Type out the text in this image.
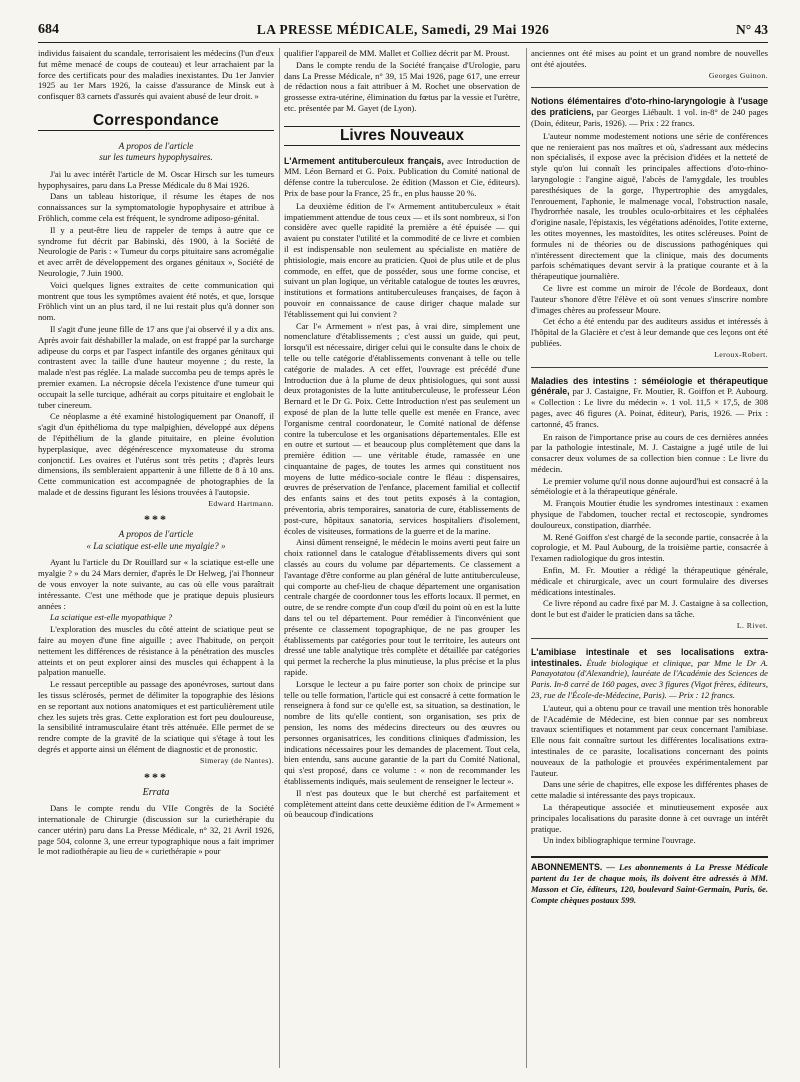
684	LA PRESSE MÉDICALE, Samedi, 29 Mai 1926	N° 43

individus faisaient du scandale, terrorisaient les médecins (l'un d'eux fut même menacé de coups de couteau) et leur arrachaient par la force des certificats pour des maladies inexistantes. Du 1er Janvier 1925 au 1er Mars 1926, la caisse d'assurance de Minsk eut à confisquer 83 carnets d'assurés qui avaient abusé de leur droit. »

Correspondance
A propos de l'article
sur les tumeurs hypophysaires.

J'ai lu avec intérêt l'article de M. Oscar Hirsch sur les tumeurs hypophysaires, paru dans La Presse Médicale du 8 Mai 1926.

Dans un tableau historique, il résume les étapes de nos connaissances sur la symptomatologie hypophysaire et attribue à Fröhlich, comme cela est fréquent, le syndrome adiposo-génital.

Il y a peut-être lieu de rappeler de temps à autre que ce syndrome fut décrit par Babinski, dès 1900, à la Société de Neurologie de Paris : « Tumeur du corps pituitaire sans acromégalie et avec arrêt de développement des organes génitaux », Société de Neurologie, 7 Juin 1900.

Voici quelques lignes extraites de cette communication qui montrent que tous les symptômes avaient été notés, et que, lorsque Fröhlich vint un an plus tard, il ne lui restait plus qu'à donner son nom.

Il s'agit d'une jeune fille de 17 ans que j'ai observé il y a dix ans. Après avoir fait déshabiller la malade, on est frappé par la surcharge adipeuse du corps et par l'aspect infantile des organes génitaux qui contrastent avec la taille d'une hauteur moyenne ; du reste, la malade n'est pas réglée. La malade succomba peu de temps après le premier examen. La nécropsie décela l'existence d'une tumeur qui occupait la selle turcique, adhérait au corps pituitaire et englobait le tuber cinereum.

Ce néoplasme a été examiné histologiquement par Onanoff, il s'agit d'un épithélioma du type malpighien, développé aux dépens de l'épithélium de la glande pituitaire, en pleine évolution hyperplasique, avec dégénérescence myxomateuse du stroma conjonctif. Les ovaires et l'utérus sont très petits ; d'après leurs dimensions, ils sembleraient appartenir à une fillette de 8 à 10 ans. Cette communication est accompagnée de photographies de la malade et de dessins figurant les lésions trouvées à l'autopsie.

Edward Hartmann.
***
A propos de l'article
« La sciatique est-elle une myalgie? »

Ayant lu l'article du Dr Rouillard sur « la sciatique est-elle une myalgie ? » du 24 Mars dernier, d'après le Dr Helweg, j'ai l'honneur de vous envoyer la note suivante, au cas où elle vous paraîtrait intéressante. C'est une méthode que je pratique depuis plusieurs années :

La sciatique est-elle myopathique ?

L'exploration des muscles du côté atteint de sciatique peut se faire au moyen d'une fine aiguille ; avec l'habitude, on perçoit nettement les différences de résistance à la pénétration des muscles atteints et on peut explorer ainsi des muscles qui échappent à la palpation manuelle.

Le ressaut perceptible au passage des aponévroses, surtout dans les tissus sclérosés, permet de délimiter la topographie des lésions en se reportant aux notions anatomiques et est particulièrement utile chez les sujets très gras. Cette exploration est fort peu douloureuse, la sensibilité intramusculaire étant très atténuée. Elle permet de se rendre compte de la gravité de la sciatique qui s'étage à tout les degrés et apporte ainsi un élément de diagnostic et de pronostic.

Simeray (de Nantes).
***
Errata

Dans le compte rendu du VIIe Congrès de la Société internationale de Chirurgie (discussion sur la curiethérapie du cancer utérin) paru dans La Presse Médicale, n° 32, 21 Avril 1926, page 504, colonne 3, une erreur typographique nous a fait imprimer le mot radiothérapie au lieu de « curiethérapie » pour

qualifier l'appareil de MM. Mallet et Colliez décrit par M. Proust.

Dans le compte rendu de la Société française d'Urologie, paru dans La Presse Médicale, n° 39, 15 Mai 1926, page 617, une erreur de rédaction nous a fait attribuer à M. Rochet une observation de grossesse extra-utérine, élimination du fœtus par la vessie et l'urètre, etc. présentée par M. Gayet (de Lyon).

Livres Nouveaux

L'Armement antituberculeux français, avec Introduction de MM. Léon Bernard et G. Poix. Publication du Comité national de défense contre la tuberculose. 2e édition (Masson et Cie, éditeurs). Prix de base pour la France, 25 fr., en plus hausse 20 %.

La deuxième édition de l'« Armement antituberculeux » était impatiemment attendue de tous ceux — et ils sont nombreux, si l'on considère avec quelle rapidité la première a été épuisée — qui avaient pu constater l'utilité et la commodité de ce livre et combien il est indispensable non seulement au spécialiste en matière de phtisiologie, mais encore au praticien. Quoi de plus utile et de plus commode, en effet, que de posséder, sous une forme concise, et suivant un plan logique, un véritable catalogue de toutes les œuvres, institutions et formations antituberculeuses françaises, de façon à pouvoir en connaissance de cause diriger chaque malade sur l'établissement qui lui convient ?

Car l'« Armement » n'est pas, à vrai dire, simplement une nomenclature d'établissements ; c'est aussi un guide, qui peut, lorsqu'il est nécessaire, diriger celui qui le consulte dans le choix de telle ou telle catégorie d'établissements convenant à telle ou telle catégorie de malades. A cet effet, l'ouvrage est précédé d'une Introduction due à la plume de deux phtisiologues, qui sont aussi deux protagonistes de la lutte antituberculeuse, le professeur Léon Bernard et le Dr G. Poix. Cette Introduction n'est pas seulement un exposé de plan de la lutte telle quelle est menée en France, avec l'organisme central coordonateur, le Comité national de défense contre la tuberculose et les organisations départementales. Elle est en outre et surtout — et beaucoup plus complètement que dans la première édition — une véritable étude, ramassée en une cinquantaine de pages, de toutes les armes qui constituent nos moyens de lutte médico-sociale contre le fléau : dispensaires, œuvres de préservation de l'enfance, placement familial et collectif des enfants sains et des tout petits exposés à la contagion, préventoria, abris temporaires, sanatoria de cure, établissements de post-cure, hôpitaux sanatoria, services hospitaliers d'isolement, écoles de visiteuses, formations de la guerre et de la marine.

Ainsi dûment renseigné, le médecin le moins averti peut faire un choix rationnel dans le catalogue d'établissements divers qui sont classés au cours du volume par départements. Ce classement a l'avantage d'être conforme au plan général de lutte antituberculeuse, qui comporte au chef-lieu de chaque département une organisation centrale chargée de coordonner tous les efforts locaux. Il permet, en outre, de se rendre compte d'un coup d'œil du point où en est la lutte dans tel ou tel département. Pour remédier à l'inconvénient que présente ce classement topographique, de ne pas grouper les établissements par catégories pour tout le territoire, les auteurs ont dressé une table analytique très complète et détaillée par catégories qui permet la recherche la plus minutieuse, la plus précise et la plus rapide.

Lorsque le lecteur a pu faire porter son choix de principe sur telle ou telle formation, l'article qui est consacré à cette formation le renseignera à fond sur ce qu'elle est, sa situation, sa destination, le nombre de lits qu'elle contient, son organisation, ses prix de pension, les noms des médecins directeurs ou des œuvres ou personnes organisatrices, les conditions cliniques d'admission, les indications nécessaires pour les demandes de placement. Tout cela, bien entendu, sans aucune garantie de la part du Comité National, qui s'est proposé, dans ce volume : « non de recommander les établissements indiqués, mais seulement de renseigner le lecteur ».

Il n'est pas douteux que le but cherché est parfaitement et complètement atteint dans cette deuxième édition de l'« Armement » où beaucoup d'indications

anciennes ont été mises au point et un grand nombre de nouvelles ont été ajoutées.

Georges Guinon.

Notions élémentaires d'oto-rhino-laryngologie à l'usage des praticiens, par Georges Liébault. 1 vol. in-8° de 240 pages (Doin, éditeur, Paris, 1926). — Prix : 22 francs.

L'auteur nomme modestement notions une série de conférences que ne renieraient pas nos maîtres et où, s'adressant aux médecins non spécialisés, il expose avec la précision d'idées et la netteté de style qu'on lui connaît les principales affections d'oto-rhino-laryngologie : l'angine aiguë, l'abcès de l'amygdale, les troubles paresthésiques de la gorge, l'hypertrophie des amygdales, l'enrouement, l'aphonie, le malmenage vocal, l'obstruction nasale, l'hydrorrhée nasale, les troubles oculo-orbitaires et les céphalées d'origine nasale, l'épistaxis, les végétations adénoïdes, l'otite externe, les otites moyennes, les mastoïdites, les otites scléreuses. Point de formules ni de théories ou de discussions pathogéniques qui n'intéressent directement que la clinique, mais des documents parfois schématiques devant servir à la pratique courante et à la thérapeutique journalière.

Ce livre est comme un miroir de l'école de Bordeaux, dont l'auteur s'honore d'être l'élève et où sont venues s'inscrire nombre d'images chères au professeur Moure.

Cet écho a été entendu par des auditeurs assidus et intéressés à l'hôpital de la Glacière et c'est à leur demande que ces leçons ont été publiées.

Leroux-Robert.

Maladies des intestins : séméiologie et thérapeutique générale, par J. Castaigne, Fr. Moutier, R. Goiffon et P. Aubourg. « Collection : Le livre du médecin ». 1 vol. 11,5 × 17,5, de 308 pages, avec 46 figures (A. Poinat, éditeur), Paris, 1926. — Prix : cartonné, 45 francs.

En raison de l'importance prise au cours de ces dernières années par la pathologie intestinale, M. J. Castaigne a jugé utile de lui consacrer deux volumes de sa collection bien connue : Le livre du médecin.

Le premier volume qu'il nous donne aujourd'hui est consacré à la séméiologie et à la thérapeutique générale.

M. François Moutier étudie les syndromes intestinaux : examen physique de l'abdomen, toucher rectal et rectoscopie, syndromes douloureux, constipation, diarrhée.

M. René Goiffon s'est chargé de la seconde partie, consacrée à la coprologie, et M. Paul Aubourg, de la troisième partie, consacrée à l'examen radiologique du gros intestin.

Enfin, M. Fr. Moutier a rédigé la thérapeutique générale, médicale et chirurgicale, avec un court formulaire des diverses médications intestinales.

Ce livre répond au cadre fixé par M. J. Castaigne à sa collection, dont le but est d'aider le praticien dans sa tâche.

L. Rivet.

L'amibiase intestinale et ses localisations extra-intestinales. Étude biologique et clinique, par Mme le Dr A. Panayotatou (d'Alexandrie), lauréate de l'Académie des Sciences de Paris. In-8 carré de 160 pages, avec 3 figures (Vigot frères, éditeurs, 23, rue de l'École-de-Médecine, Paris). — Prix : 12 francs.

L'auteur, qui a obtenu pour ce travail une mention très honorable de l'Académie de Médecine, est bien connue par ses nombreux travaux scientifiques et notamment par ceux concernant l'amibiase. Elle nous fait connaître surtout les différentes localisations extra-intestinales de ce parasite, localisations concernant des points nouveaux de la pathologie et prouvées expérimentalement par l'auteur.

Dans une série de chapitres, elle expose les différentes phases de cette maladie si intéressante des pays tropicaux.

La thérapeutique associée et minutieusement exposée aux principales localisations du parasite donne à cet ouvrage un intérêt pratique.

Un index bibliographique termine l'ouvrage.

ABONNEMENTS. — Les abonnements à La Presse Médicale partent du 1er de chaque mois, ils doivent être adressés à MM. Masson et Cie, éditeurs, 120, boulevard Saint-Germain, Paris, 6e. Compte chèques postaux 599.
